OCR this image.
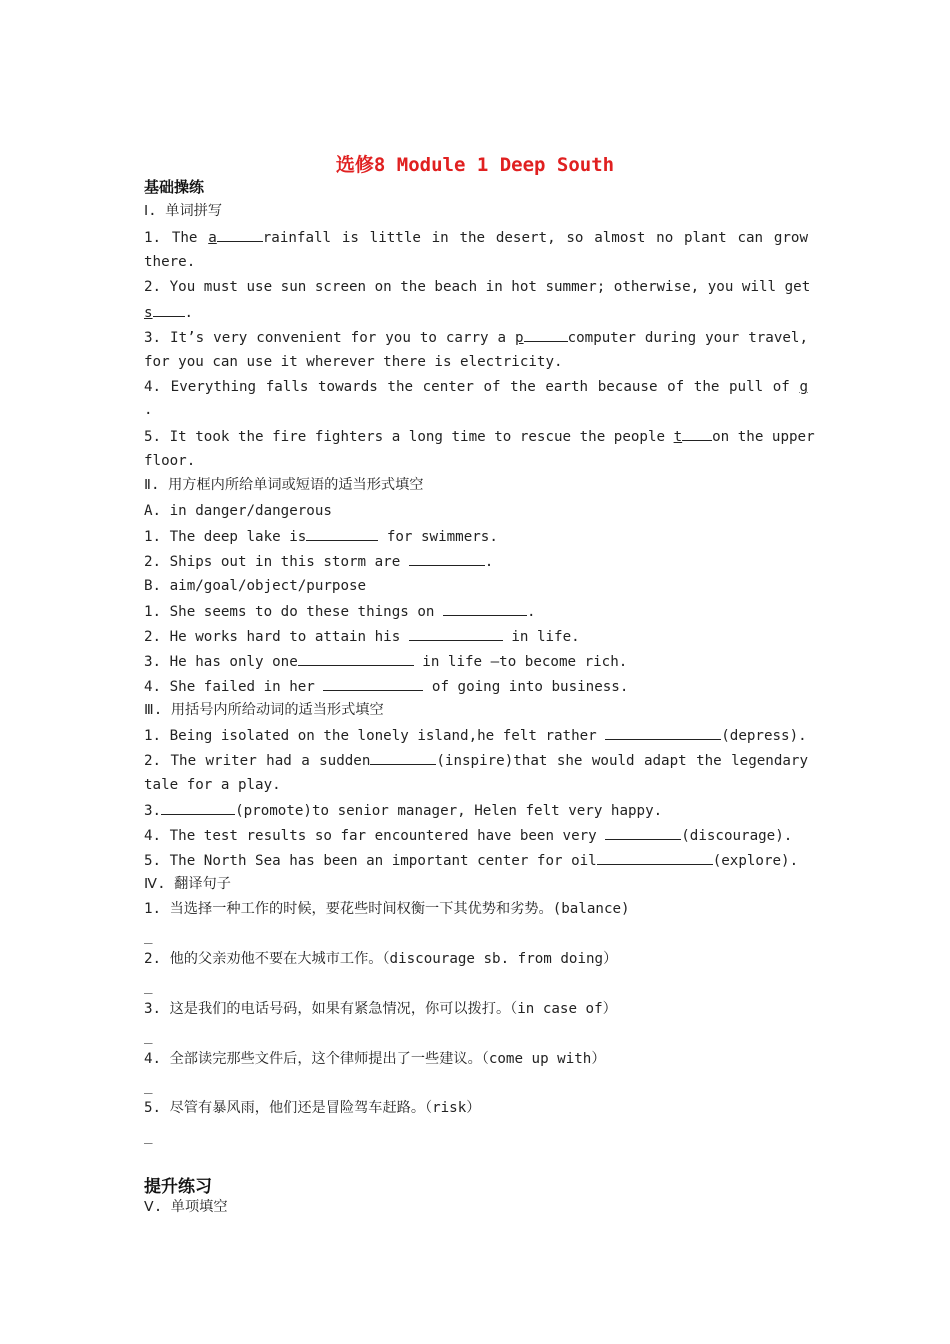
选修8 Module 1 Deep South
基础操练
Ⅰ. 单词拼写
1. The a	rainfall is little in the desert, so almost no plant can grow
there.
2. You must use sun screen on the beach in hot summer; otherwise, you will get
s .
3. It’s very convenient for you to carry a p	computer during your travel,
for you can use it wherever there is electricity.
4. Everything falls towards the center of the earth because of the pull of g
.
5. It took the fire fighters a long time to rescue the people t on the upper
floor.
Ⅱ. 用方框内所给单词或短语的适当形式填空
A. in danger/dangerous
1. The deep lake is	for swimmers.
2. Ships out in this storm are	.
B. aim/goal/object/purpose
1. She seems to do these things on	.
2. He works hard to attain his	in life.
3. He has only one	in life —to become rich.
4. She failed in her	of going into business.
Ⅲ. 用括号内所给动词的适当形式填空
1. Being isolated on the lonely island,he felt rather	(depress).
2. The writer had a sudden	(inspire)that she would adapt the legendary
tale for a play.
3.	(promote)to senior manager, Helen felt very happy.
4. The test results so far encountered have been very	(discourage).
5. The North Sea has been an important center for oil	(explore).
Ⅳ. 翻译句子
1. 当选择一种工作的时候，要花些时间权衡一下其优势和劣势。(balance)
_
2. 他的父亲劝他不要在大城市工作。（discourage sb. from doing）
_
3. 这是我们的电话号码，如果有紧急情况，你可以拨打。（in case of）
_
4. 全部读完那些文件后，这个律师提出了一些建议。（come up with）
_
5. 尽管有暴风雨，他们还是冒险驾车赶路。（risk）
_
提升练习
Ⅴ. 单项填空
